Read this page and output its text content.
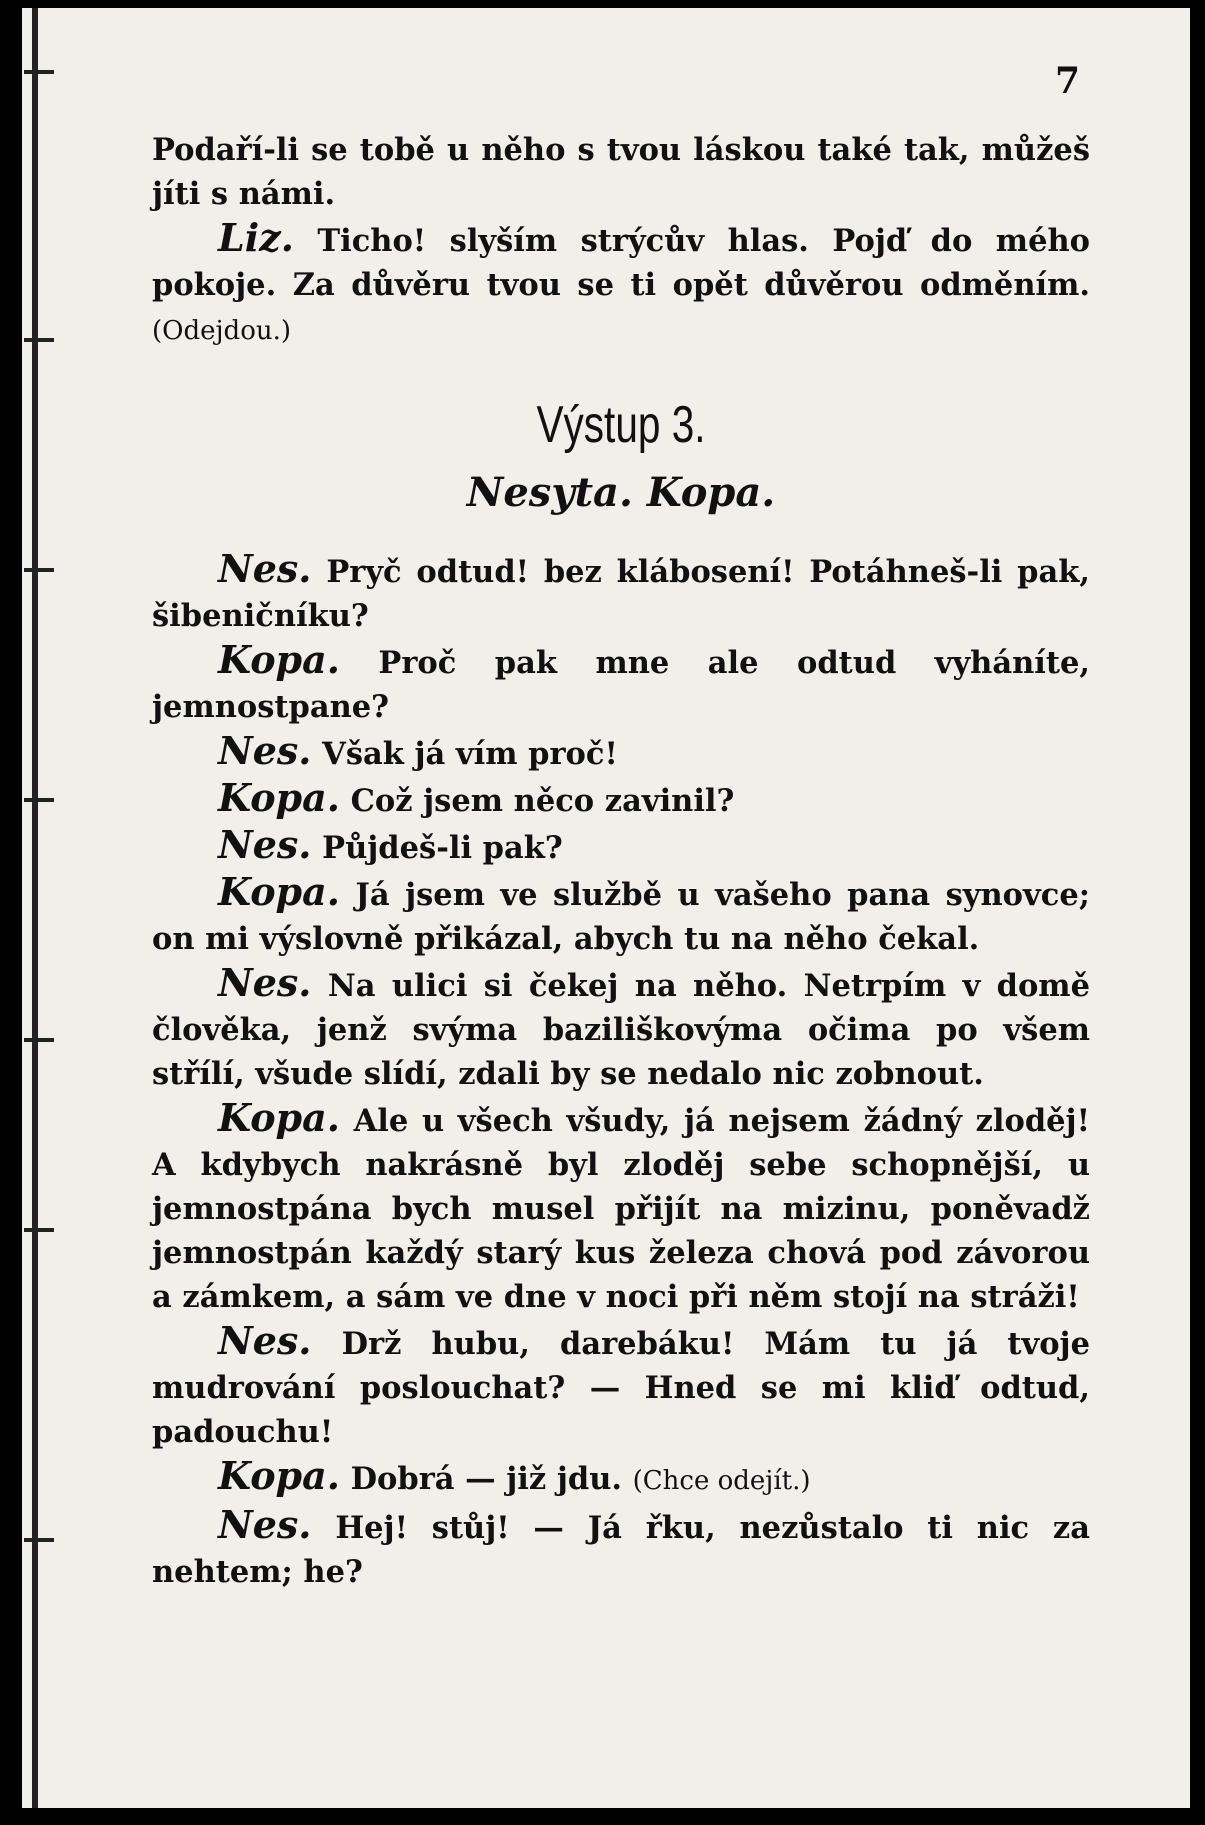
7

Podaří-li se tobě u něho s tvou láskou také tak, můžeš jíti s námi.

Liz. Ticho! slyším strýcův hlas. Pojď do mého pokoje. Za důvěru tvou se ti opět důvěrou odměním. (Odejdou.)

Výstup 3.

Nesyta. Kopa.

Nes. Pryč odtud! bez klábosení! Potáhneš-li pak, šibeničníku?

Kopa. Proč pak mne ale odtud vyháníte, jemnostpane?

Nes. Však já vím proč!

Kopa. Což jsem něco zavinil?

Nes. Půjdeš-li pak?

Kopa. Já jsem ve službě u vašeho pana synovce; on mi výslovně přikázal, abych tu na něho čekal.

Nes. Na ulici si čekej na něho. Netrpím v domě člověka, jenž svýma baziliškovýma očima po všem střílí, všude slídí, zdali by se nedalo nic zobnout.

Kopa. Ale u všech všudy, já nejsem žádný zloděj! A kdybych nakrásně byl zloděj sebe schopnější, u jemnostpána bych musel přijít na mizinu, poněvadž jemnostpán každý starý kus železa chová pod závorou a zámkem, a sám ve dne v noci při něm stojí na stráži!

Nes. Drž hubu, darebáku! Mám tu já tvoje mudrování poslouchat? — Hned se mi kliď odtud, padouchu!

Kopa. Dobrá — již jdu. (Chce odejít.)

Nes. Hej! stůj! — Já řku, nezůstalo ti nic za nehtem; he?
